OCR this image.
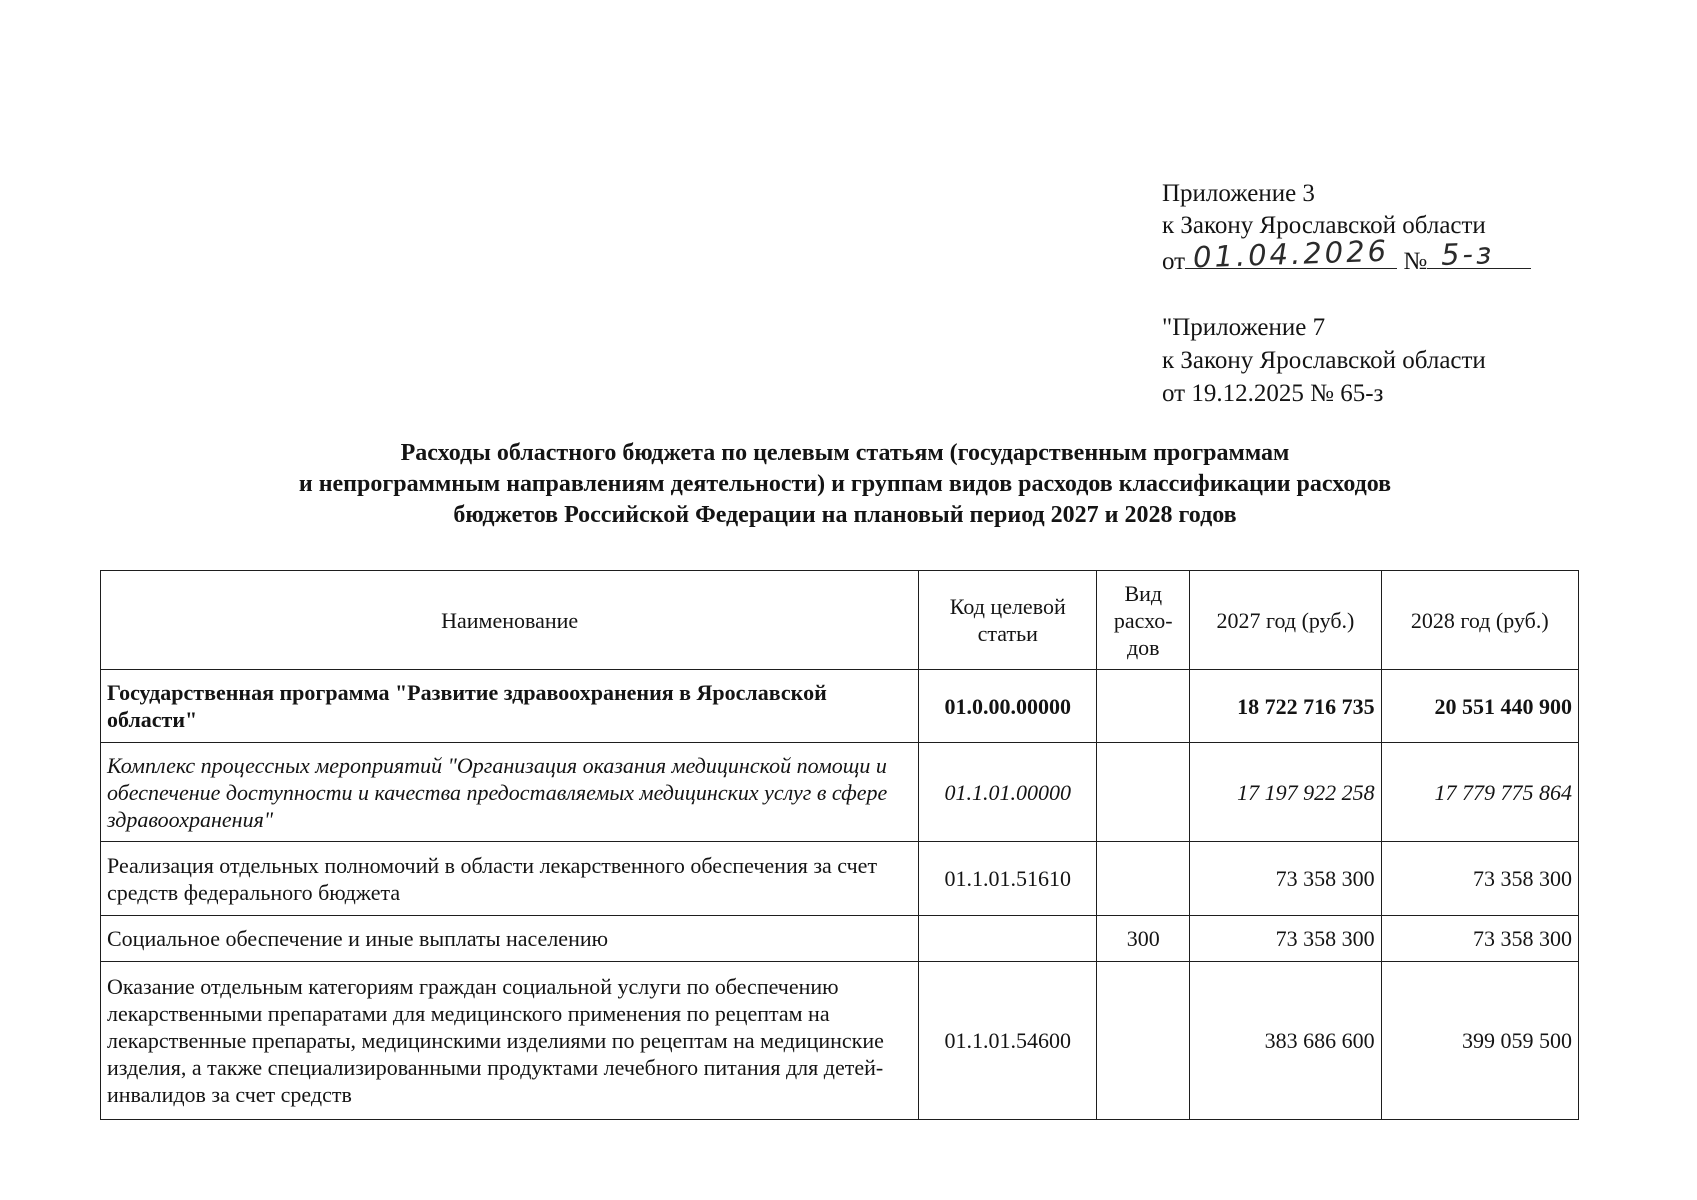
Приложение 3
к Закону Ярославской области
от 01.04.2026 № 5-з
"Приложение 7
к Закону Ярославской области
от 19.12.2025 № 65-з
Расходы областного бюджета по целевым статьям (государственным программам
и непрограммным направлениям деятельности) и группам видов расходов классификации расходов
бюджетов Российской Федерации на плановый период 2027 и 2028 годов
Наименование	Код целевой статьи	Вид расхо-дов	2027 год (руб.)	2028 год (руб.)
Государственная программа "Развитие здравоохранения в Ярославской области"	01.0.00.00000		18 722 716 735	20 551 440 900
Комплекс процессных мероприятий "Организация оказания медицинской помощи и обеспечение доступности и качества предоставляемых медицинских услуг в сфере здравоохранения"	01.1.01.00000		17 197 922 258	17 779 775 864
Реализация отдельных полномочий в области лекарственного обеспечения за счет средств федерального бюджета	01.1.01.51610		73 358 300	73 358 300
Социальное обеспечение и иные выплаты населению		300	73 358 300	73 358 300
Оказание отдельным категориям граждан социальной услуги по обеспечению лекарственными препаратами для медицинского применения по рецептам на лекарственные препараты, медицинскими изделиями по рецептам на медицинские изделия, а также специализированными продуктами лечебного питания для детей-инвалидов за счет средств	01.1.01.54600		383 686 600	399 059 500
